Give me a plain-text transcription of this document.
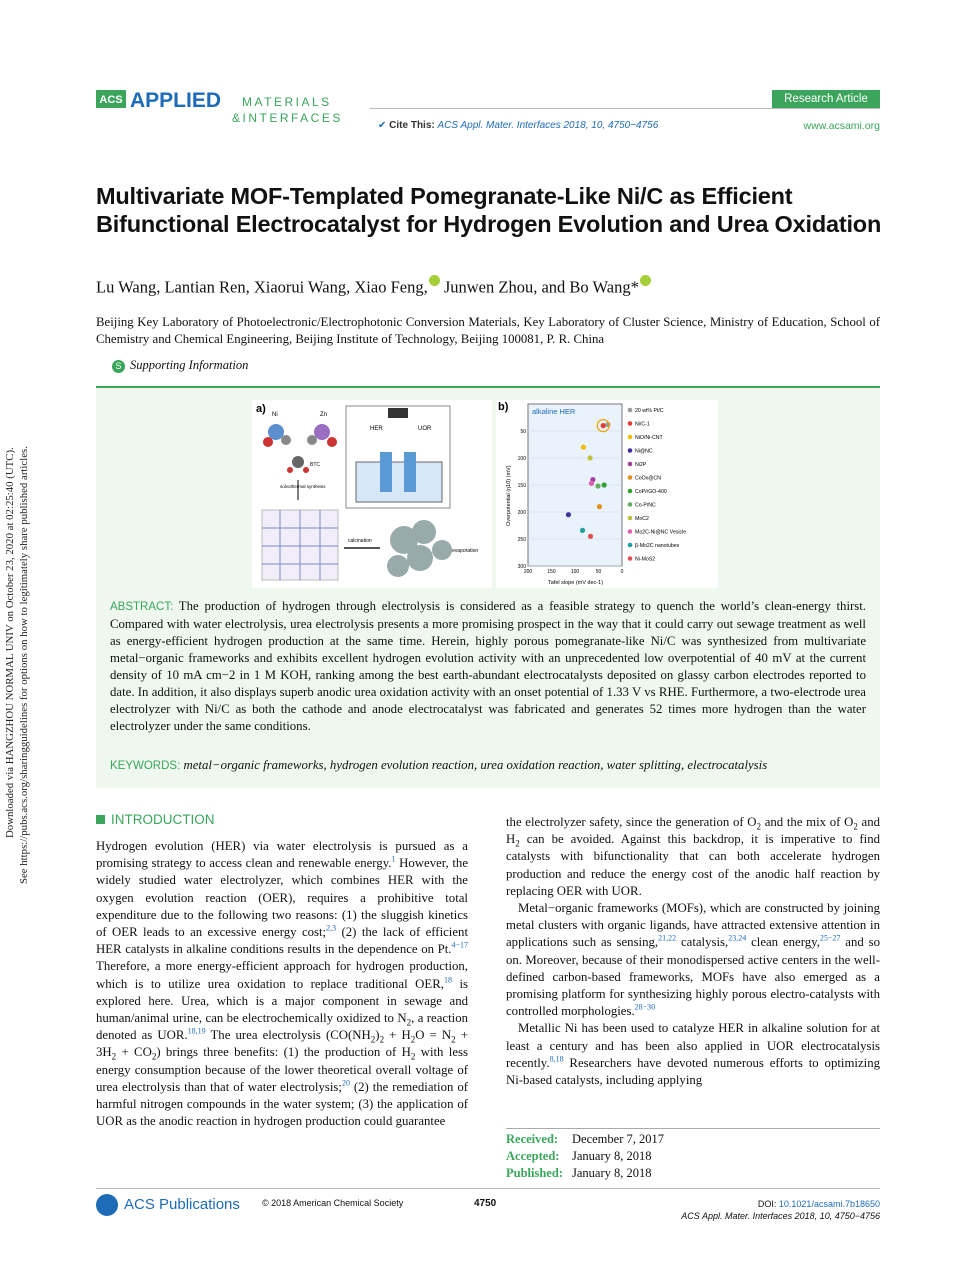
Downloaded via HANGZHOU NORMAL UNIV on October 23, 2020 at 02:25:40 (UTC). See https://pubs.acs.org/sharingguidelines for options on how to legitimately share published articles.
ACS APPLIED MATERIALS
&INTERFACES
Research Article
✔ Cite This: ACS Appl. Mater. Interfaces 2018, 10, 4750−4756	www.acsami.org
Multivariate MOF-Templated Pomegranate-Like Ni/C as Efficient Bifunctional Electrocatalyst for Hydrogen Evolution and Urea Oxidation
Lu Wang, Lantian Ren, Xiaorui Wang, Xiao Feng, Junwen Zhou, and Bo Wang*
Beijing Key Laboratory of Photoelectronic/Electrophotonic Conversion Materials, Key Laboratory of Cluster Science, Ministry of Education, School of Chemistry and Chemical Engineering, Beijing Institute of Technology, Beijing 100081, P. R. China
S Supporting Information
a) Ni	Zn
BTC
solvothermal synthesis
calcination
HER	UOR
evaporation
b)	alkaline HER
Overpotential (η10) (mV)
Tafel slope (mV dec-1)
200	150	100	50	0
50
100
150
200
250
300
20 wt% Pt/C
Ni/C-1
NiO/Ni-CNT
Ni@NC
Ni2P
CoOx@CN
CoP/rGO-400
Co-P/NC
MoC2
Mo2C-Ni@NC Vesicle
β-Mo2C nanotubes
Ni-MoS2

ABSTRACT: The production of hydrogen through electrolysis is considered as a feasible strategy to quench the world’s clean-energy thirst. Compared with water electrolysis, urea electrolysis presents a more promising prospect in the way that it could carry out sewage treatment as well as energy-efficient hydrogen production at the same time. Herein, highly porous pomegranate-like Ni/C was synthesized from multivariate metal−organic frameworks and exhibits excellent hydrogen evolution activity with an unprecedented low overpotential of 40 mV at the current density of 10 mA cm−2 in 1 M KOH, ranking among the best earth-abundant electrocatalysts deposited on glassy carbon electrodes reported to date. In addition, it also displays superb anodic urea oxidation activity with an onset potential of 1.33 V vs RHE. Furthermore, a two-electrode urea electrolyzer with Ni/C as both the cathode and anode electrocatalyst was fabricated and generates 52 times more hydrogen than the water electrolyzer under the same conditions.

KEYWORDS: metal−organic frameworks, hydrogen evolution reaction, urea oxidation reaction, water splitting, electrocatalysis

INTRODUCTION

Hydrogen evolution (HER) via water electrolysis is pursued as a promising strategy to access clean and renewable energy.$^1$ However, the widely studied water electrolyzer, which combines HER with the oxygen evolution reaction (OER), requires a prohibitive total expenditure due to the following two reasons: (1) the sluggish kinetics of OER leads to an excessive energy cost;$^{2,3}$ (2) the lack of efficient HER catalysts in alkaline conditions results in the dependence on Pt.$^{4-17}$ Therefore, a more energy-efficient approach for hydrogen production, which is to utilize urea oxidation to replace traditional OER,$^{18}$ is explored here. Urea, which is a major component in sewage and human/animal urine, can be electrochemically oxidized to $N_2$, a reaction denoted as UOR.$^{18,19}$ The urea electrolysis $(CO(NH_2)_2 + H_2O = N_2 + 3H_2 + CO_2)$ brings three benefits: (1) the production of $H_2$ with less energy consumption because of the lower theoretical overall voltage of urea electrolysis than that of water electrolysis;$^{20}$ (2) the remediation of harmful nitrogen compounds in the water system; (3) the application of UOR as the anodic reaction in hydrogen production could guarantee

the electrolyzer safety, since the generation of $O_2$ and the mix of $O_2$ and $H_2$ can be avoided. Against this backdrop, it is imperative to find catalysts with bifunctionality that can both accelerate hydrogen production and reduce the energy cost of the anodic half reaction by replacing OER with UOR.

Metal−organic frameworks (MOFs), which are constructed by joining metal clusters with organic ligands, have attracted extensive attention in applications such as sensing,$^{21,22}$ catalysis,$^{23,24}$ clean energy,$^{25-27}$ and so on. Moreover, because of their monodispersed active centers in the well-defined carbon-based frameworks, MOFs have also emerged as a promising platform for synthesizing highly porous electro-catalysts with controlled morphologies.$^{28-30}$

Metallic Ni has been used to catalyze HER in alkaline solution for at least a century and has been also applied in UOR electrocatalysis recently.$^{8,18}$ Researchers have devoted numerous efforts to optimizing Ni-based catalysts, including applying

Received: December 7, 2017
Accepted: January 8, 2018
Published: January 8, 2018
ACS Publications © 2018 American Chemical Society	4750	DOI: 10.1021/acsami.7b18650
ACS Appl. Mater. Interfaces 2018, 10, 4750−4756
